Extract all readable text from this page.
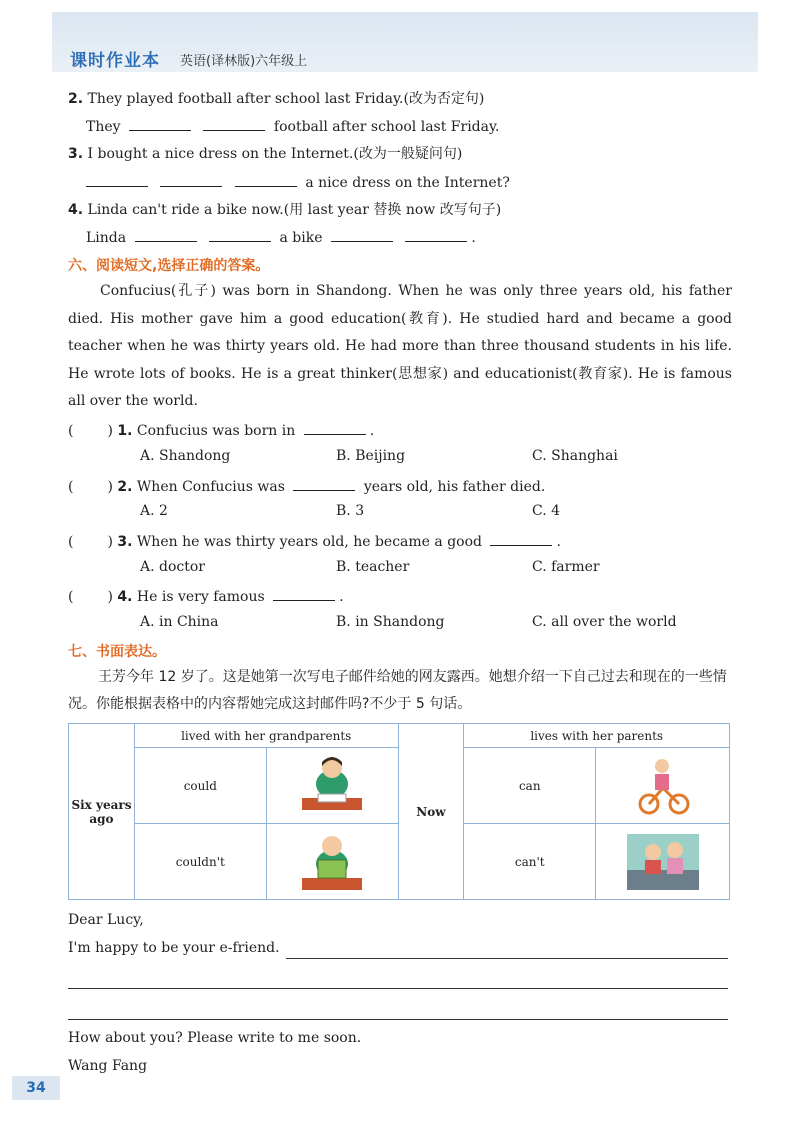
课时作业本 英语(译林版)六年级上
2. They played football after school last Friday.(改为否定句)
They	football after school last Friday.
3. I bought a nice dress on the Internet.(改为一般疑问句)
a nice dress on the Internet?
4. Linda can't ride a bike now.(用 last year 替换 now 改写句子)
Linda	a bike	.
六、阅读短文,选择正确的答案。
Confucius(孔子) was born in Shandong. When he was only three years old, his father died. His mother gave him a good education(教育). He studied hard and became a good teacher when he was thirty years old. He had more than three thousand students in his life. He wrote lots of books. He is a great thinker(思想家) and educationist(教育家). He is famous all over the world.
( ) 1. Confucius was born in	.
A. Shandong	B. Beijing	C. Shanghai
( ) 2. When Confucius was	years old, his father died.
A. 2	B. 3	C. 4
( ) 3. When he was thirty years old, he became a good	.
A. doctor	B. teacher	C. farmer
( ) 4. He is very famous	.
A. in China	B. in Shandong	C. all over the world
七、书面表达。
王芳今年 12 岁了。这是她第一次写电子邮件给她的网友露西。她想介绍一下自己过去和现在的一些情况。你能根据表格中的内容帮她完成这封邮件吗?不少于 5 句话。
Six years ago	lived with her grandparents		Now	lives with her parents	
	could			can	

	couldn't			can't	
Dear Lucy,
I'm happy to be your e-friend.
How about you? Please write to me soon.
Wang Fang
34
